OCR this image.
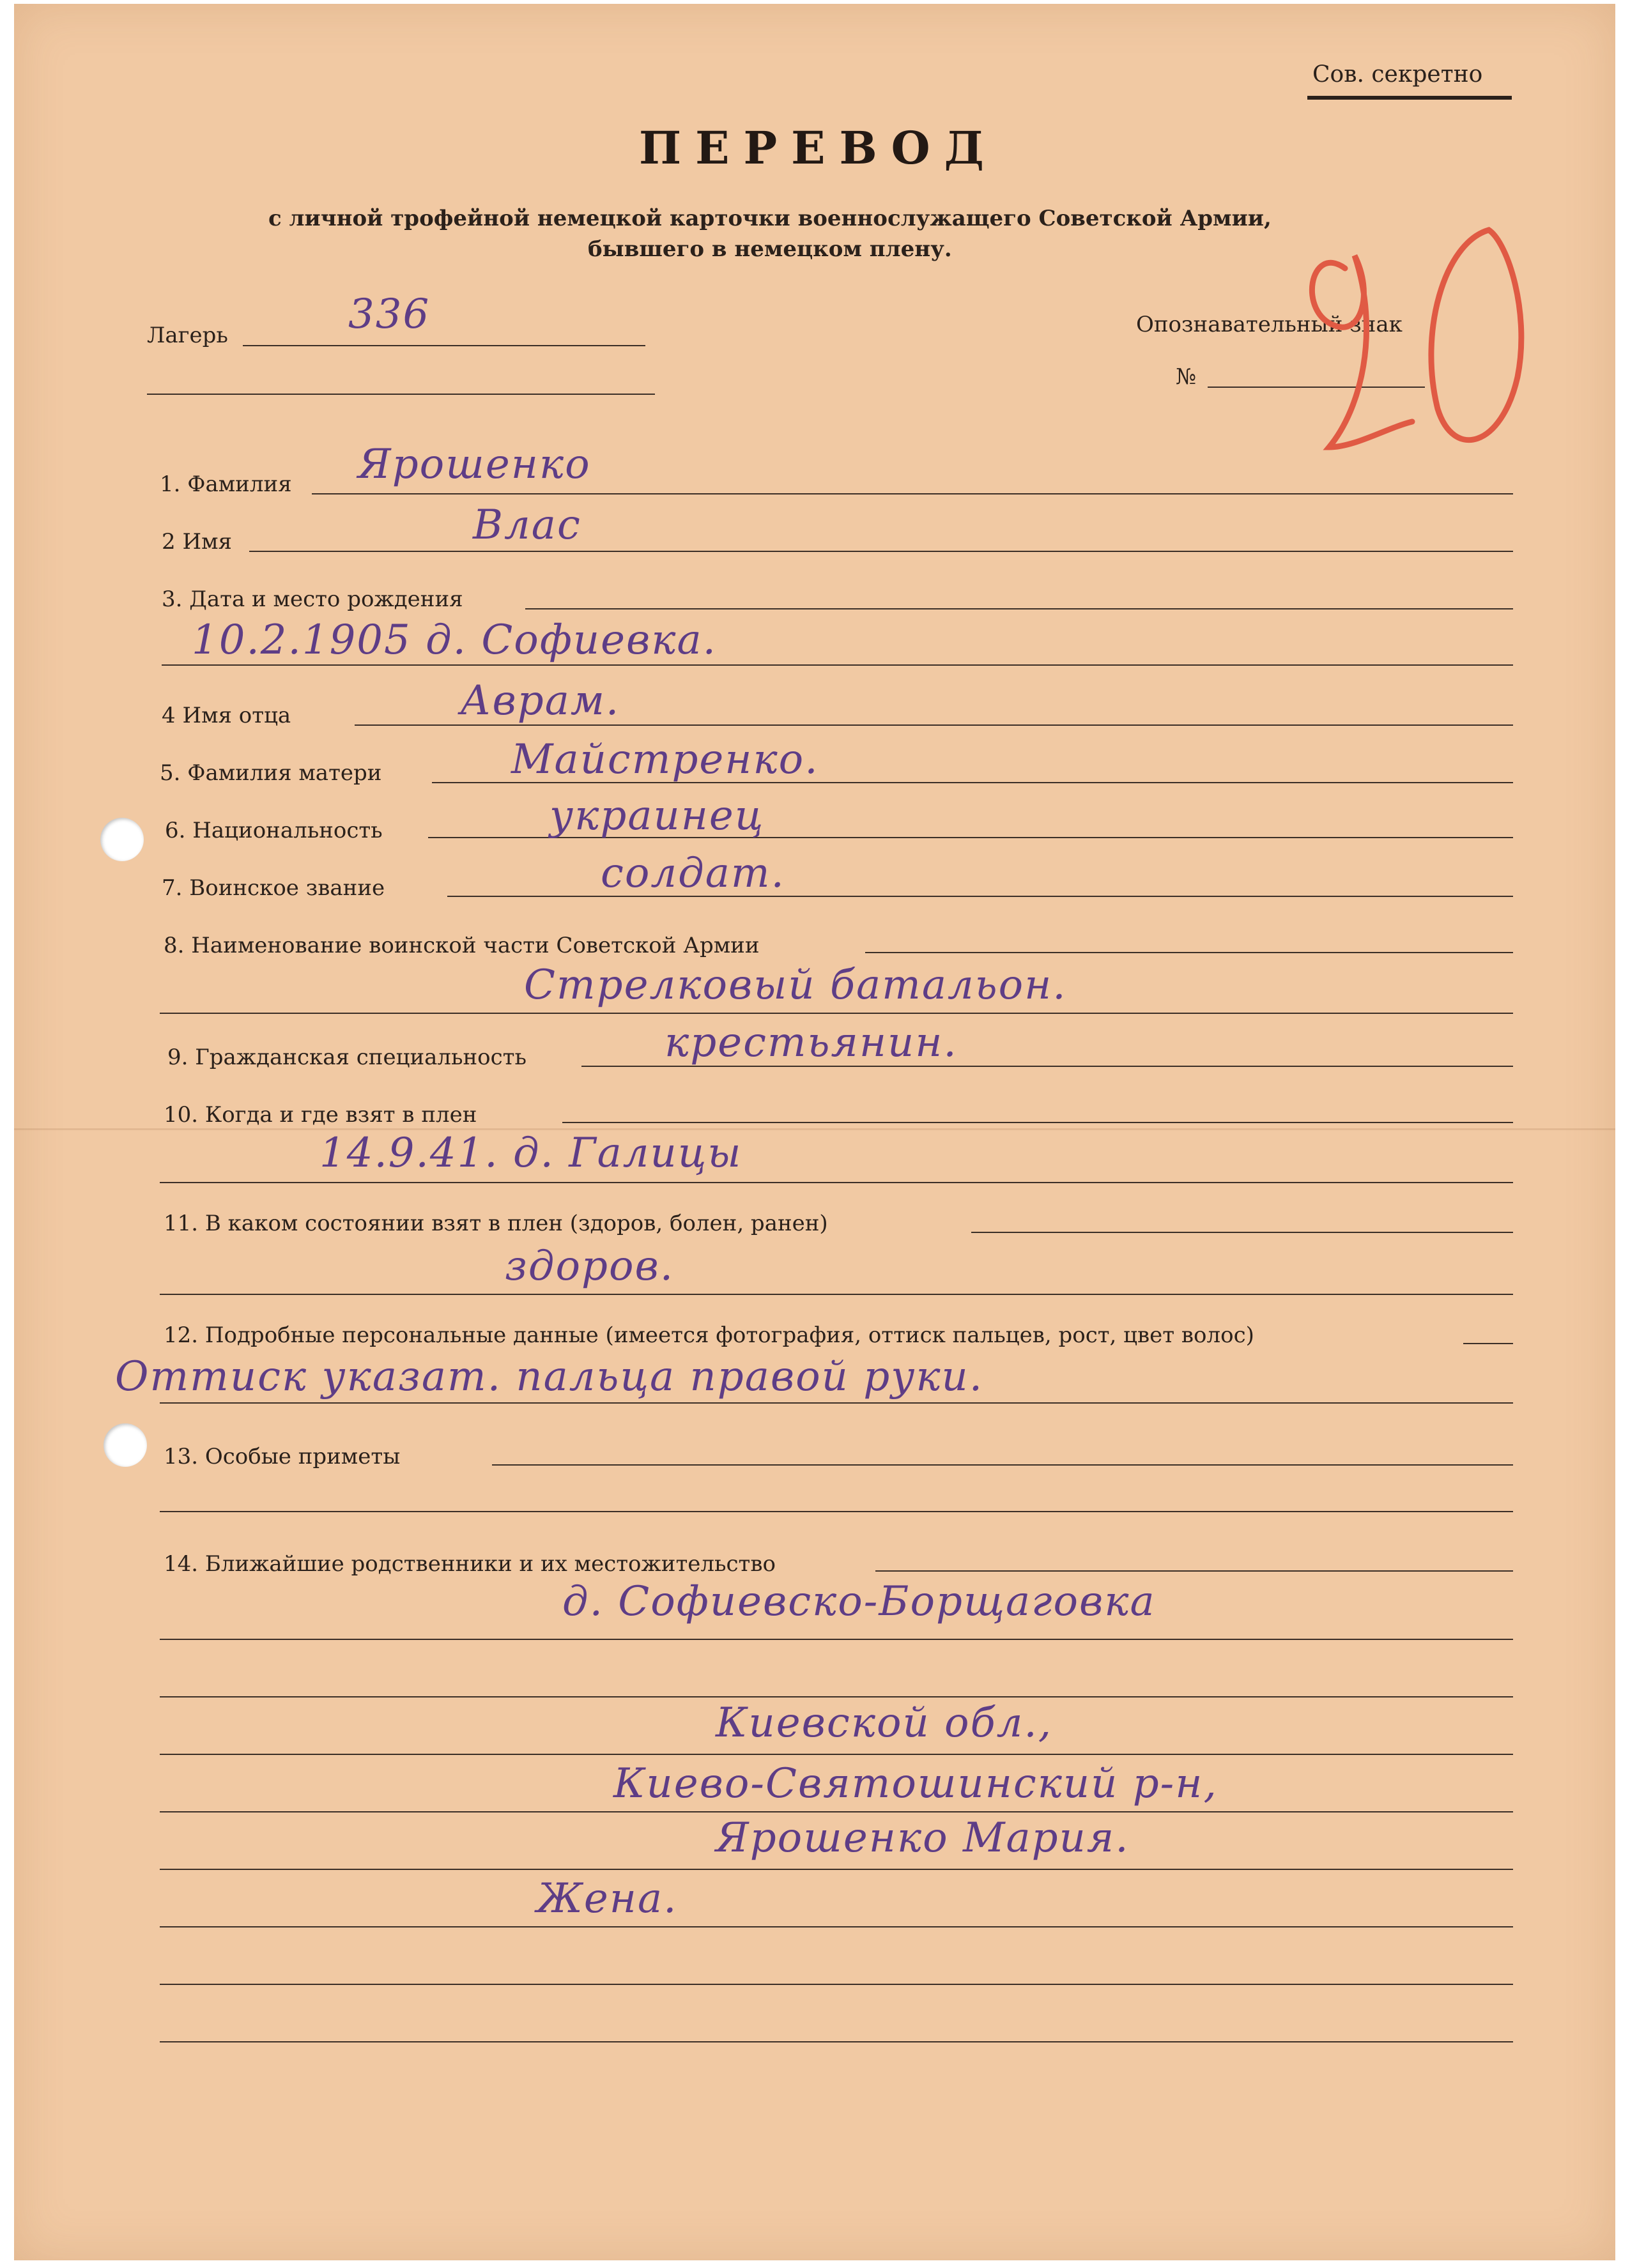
Сов. секретно
ПЕРЕВОД
с личной трофейной немецкой карточки военнослужащего Советской Армии,
бывшего в немецком плену.
Лагерь	336	Опознавательный знак
№
1. Фамилия Ярошенко
2 Имя	Влас
3. Дата и место рождения
10.2.1905 д. Софиевка.
4 Имя отца	Аврам.
5. Фамилия матери	Майстренко.
6. Национальность	украинец
7. Воинское звание	солдат.
8. Наименование воинской части Советской Армии
Стрелковый батальон.
9. Гражданская специальность	крестьянин.
10. Когда и где взят в плен
14.9.41. д. Галицы
11. В каком состоянии взят в плен (здоров, болен, ранен)
здоров.
12. Подробные персональные данные (имеется фотография, оттиск пальцев, рост, цвет волос)
Оттиск указат. пальца правой руки.
13. Особые приметы
14. Ближайшие родственники и их местожительство
д. Софиевско-Борщаговка
Киевской обл.,
Киево-Святошинский р-н,
Ярошенко Мария.
Жена.
